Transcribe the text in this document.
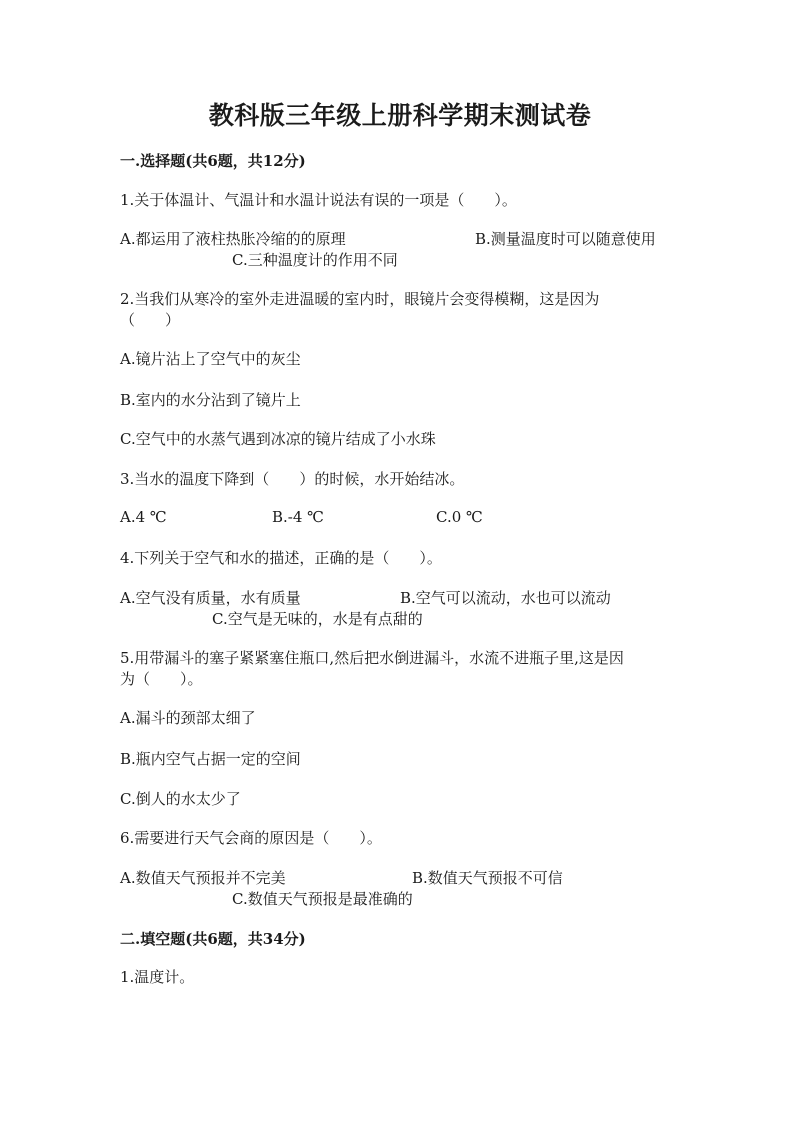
教科版三年级上册科学期末测试卷
一.选择题(共6题，共12分)
1.关于体温计、气温计和水温计说法有误的一项是（　　）。
A.都运用了液柱热胀冷缩的的原理	B.测量温度时可以随意使用
C.三种温度计的作用不同
2.当我们从寒冷的室外走进温暖的室内时，眼镜片会变得模糊，这是因为
（　　）
A.镜片沾上了空气中的灰尘
B.室内的水分沾到了镜片上
C.空气中的水蒸气遇到冰凉的镜片结成了小水珠
3.当水的温度下降到（　　）的时候，水开始结冰。
A.4 ℃	B.-4 ℃	C.0 ℃
4.下列关于空气和水的描述，正确的是（　　）。
A.空气没有质量，水有质量	B.空气可以流动，水也可以流动
C.空气是无味的，水是有点甜的
5.用带漏斗的塞子紧紧塞住瓶口,然后把水倒进漏斗，水流不进瓶子里,这是因
为（　　）。
A.漏斗的颈部太细了
B.瓶内空气占据一定的空间
C.倒人的水太少了
6.需要进行天气会商的原因是（　　）。
A.数值天气预报并不完美	B.数值天气预报不可信
C.数值天气预报是最准确的
二.填空题(共6题，共34分)
1.温度计。
